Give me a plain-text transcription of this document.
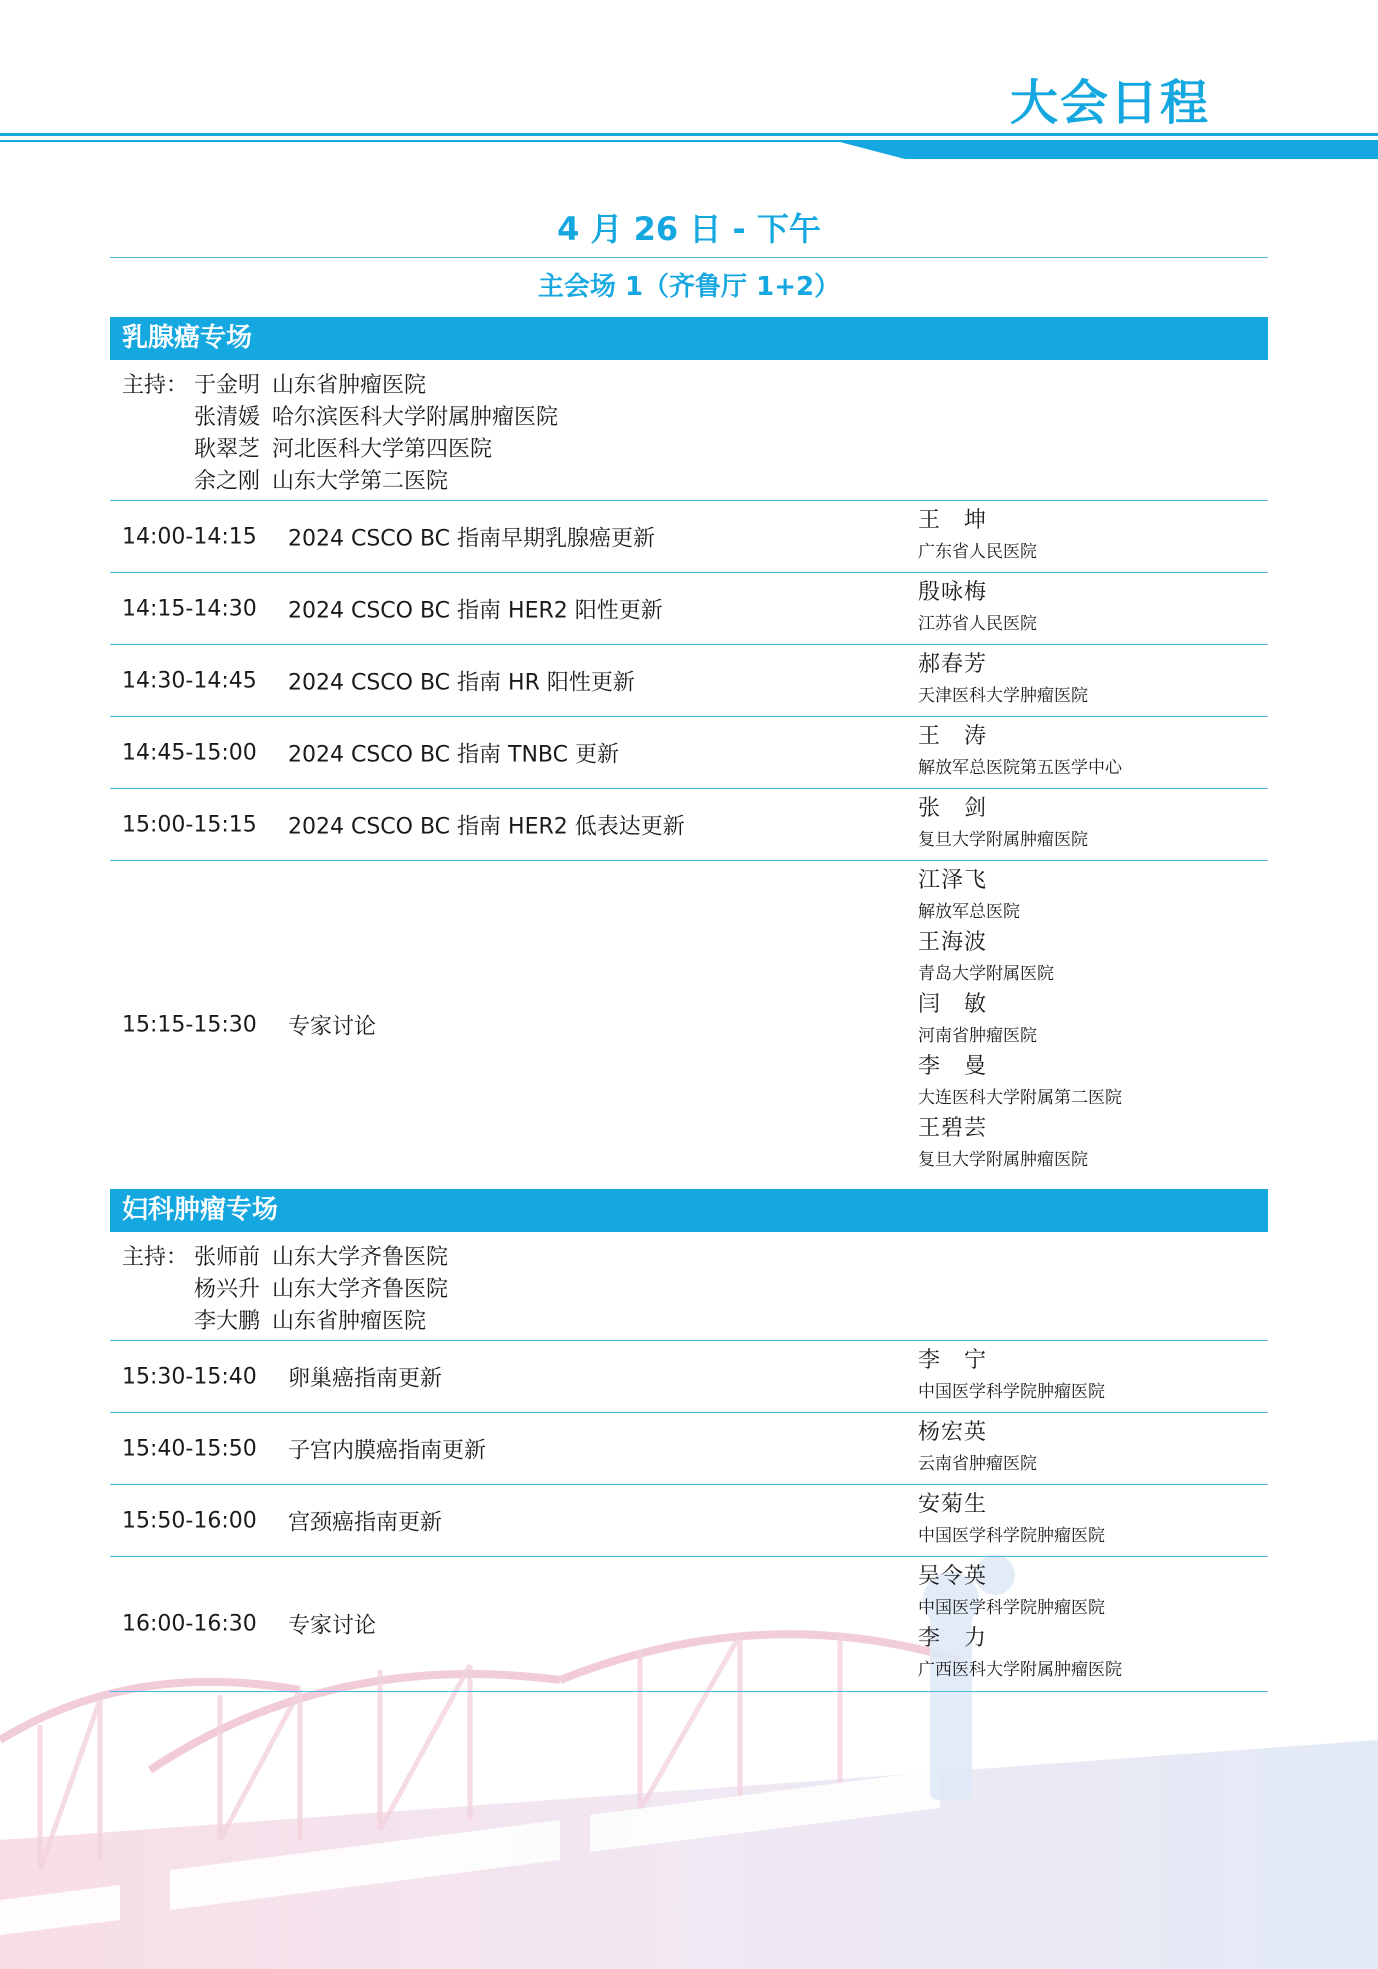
大会日程
4 月 26 日 - 下午
主会场 1（齐鲁厅 1+2）
乳腺癌专场
主持： 于金明 山东省肿瘤医院
张清媛 哈尔滨医科大学附属肿瘤医院
耿翠芝 河北医科大学第四医院
余之刚 山东大学第二医院
14:00-14:15 2024 CSCO BC 指南早期乳腺癌更新
王　坤
广东省人民医院
14:15-14:30 2024 CSCO BC 指南 HER2 阳性更新
殷咏梅
江苏省人民医院
14:30-14:45 2024 CSCO BC 指南 HR 阳性更新
郝春芳
天津医科大学肿瘤医院
14:45-15:00 2024 CSCO BC 指南 TNBC 更新
王　涛
解放军总医院第五医学中心
15:00-15:15 2024 CSCO BC 指南 HER2 低表达更新
张　剑
复旦大学附属肿瘤医院
15:15-15:30 专家讨论
江泽飞
解放军总医院
王海波
青岛大学附属医院
闫　敏
河南省肿瘤医院
李　曼
大连医科大学附属第二医院
王碧芸
复旦大学附属肿瘤医院
妇科肿瘤专场
主持： 张师前 山东大学齐鲁医院
杨兴升 山东大学齐鲁医院
李大鹏 山东省肿瘤医院
15:30-15:40 卵巢癌指南更新
李　宁
中国医学科学院肿瘤医院
15:40-15:50 子宫内膜癌指南更新
杨宏英
云南省肿瘤医院
15:50-16:00 宫颈癌指南更新
安菊生
中国医学科学院肿瘤医院
16:00-16:30 专家讨论
吴令英
中国医学科学院肿瘤医院
李　力
广西医科大学附属肿瘤医院
